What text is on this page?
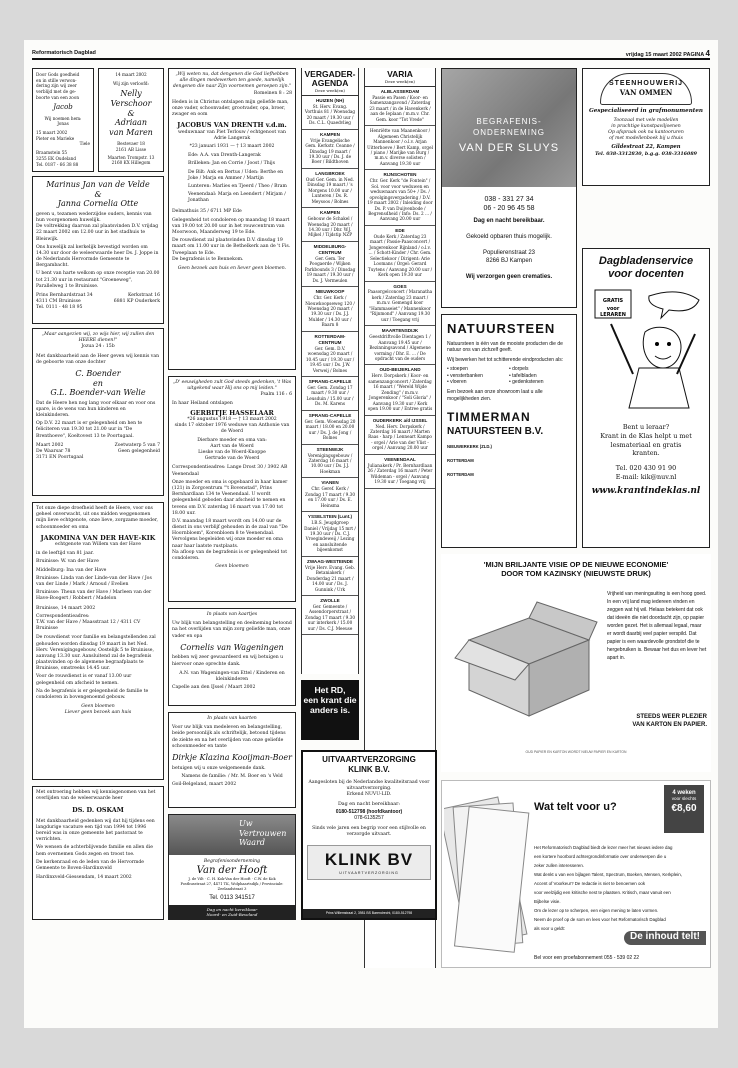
Reformatorisch Dagblad	vrijdag 15 maart 2002 PAGINA 4
Door Gods goedheid
en in stille verwon-
dering zijn wij zeer
verblijd met de ge-
boorte van een zoon
Jacob
Wij noemen hem:
Jonas
15 maart 2002
Pieter en Marieke
Tiele
Braamstein 55
3255 EK Oudeland
Tel. 0187 - 66 38 88
14 maart 2002
Wij zijn verloofd:
Nelly
Verschoor
&
Adriaan
van Maren
Bestevaer 18
2161 AB Lisse
Maarten Trompstr. 13
2160 KX Hillegom
Marinus Jan van de Velde
&
Janna Cornelia Otte

geven u, tezamen wederzijdse ouders, kennis van hun voorgenomen huwelijk.

De voltrekking daarvan zal plaatsvinden D.V. vrijdag 22 maart 2002 om 12.00 uur in het stadhuis te Bleiswijk.

Ons huwelijk zal kerkelijk bevestigd worden om 14.30 uur door de weleerwaarde heer Ds. J. Joppe in de Nederlands Hervormde Gemeente te Bergambacht.

U bent van harte welkom op onze receptie van 20.00 tot 21.30 uur in restaurant "Groeneweg", Parallelweg 1 te Bruinisse.

Prins Bernhardstraat 34
4311 CM Bruinisse
Tel. 0111 - 48 18 95
Kerkstraat 16
6881 KP Ouderkerk
„Maar aangezien wij, zo wijs hier, wij zullen den HEERE dienen!"
Jozua 24 : 15b

Met dankbaarheid aan de Heer geven wij kennis van de geboorte van onze dochter

C. Boender
en
G.L. Boender-van Welie

Dat de Heere hen nog lang voor elkaar en voor ons spare, is de wens van hun kinderen en kleinkinderen.

Op D.V. 22 maart is er gelegenheid om hen te feliciteren van 19.30 tot 21.00 uur in "De Brenthoeve", Koeltovest 13 te Poortugaal.

Maart 2002
De Waarsar 78
3171 EN Poortugaal
Zoetwaterp 5 van 7
Geen gelegenheid

Tot onze diepe droefheid heeft de Heere, voor ons geheel onverwacht, uit ons midden weggenomen mijn lieve echtgenote, onze lieve, zorgzame moeder, schoonmoeder en oma

JAKOMINA VAN DER HAVE-KIK
echtgenote van Willem van der Have

in de leeftijd van 81 jaar.

Bruinisse: W. van der Have

Middelburg: Ina van der Have

Bruinisse: Linda van der Linde-van der Have / Jos van der Linde / Mark / Arnoud / Evelien

Bruinisse: Theun van der Have / Marleen van der Have-Boogert / Robbert / Madelon

Bruinisse, 14 maart 2002

Correspondentieadres:

T.W. van der Have / Maasstraat 12 / 4311 CV Bruinisse

De rouwdienst voor familie en belangstellenden zal gehouden worden dinsdag 19 maart in het Ned. Herv. Verenigingsgebouw, Oostelijk 5 te Bruinisse, aanvang 13.30 uur. Aansluitend zal de begrafenis plaatsvinden op de algemene begraafplaats te Bruinisse, omstreeks 14.45 uur.

Voor de rouwdienst is er vanaf 13.00 uur gelegenheid om afscheid te nemen.

Na de begrafenis is er gelegenheid de familie te condoleren in bovengenoemd gebouw.

Geen bloemen
Liever geen bezoek aan huis

Met ontroering hebben wij kennisgenomen van het overlijden van de weleerwaarde heer

DS. D. OSKAM

Met dankbaarheid gedenken wij dat hij tijdens een langdurige vacature een tijd van 1994 tot 1996 bereid was in onze gemeente het pastoraat te verrichten.

We wensen de achterblijvende familie en allen die hem overnemen Gods zegen en troost toe.

De kerkenraad en de leden van de Hervormde Gemeente te Boven-Hardinxveld

Hardinxveld-Giessendam, 14 maart 2002

„Wij weten nu, dat dengenen die God liefhebben alle dingen medewerken ten goede, namelijk dengenen die naar Zijn voornemen geroepen zijn."
Romeinen 8 : 28

Heden is in Christus ontslapen mijn geliefde man, onze vader, schoonvader, grootvader, opa, broer, zwager en oom

JACOBUS VAN DRENTH v.d.m.
weduwnaar van Piet Terlouw / echtgenoot van Adrie Langerak
*23 januari 1931 — † 13 maart 2002

Ede: A.A. van Drenth-Langerak

Brilleken: Jan en Corrie / Joost / Thijs

De Bilt: Ank en Bertus / Uden: Berthe en Joke / Marja en Ammer / Martijn

Lunteren: Marlies en Tjeerd / Theo / Bram

Veenendaal: Marja en Leendert / Mirjam / Jonathan

Delmathuis 35 / 6711 MP Ede

Gelegenheid tot condoleren op maandag 18 maart van 19.00 tot 20.00 uur in het rouwcentrum van Moorwoon, Maanderweg 19 te Ede.

De rouwdienst zal plaatsvinden D.V. dinsdag 19 maart om 11.00 uur in de Bethelkerk aan de 't Fis. Tweeplaan te Ede.

De begrafenis is te Bennekom.

Geen bezoek aan huis en liever geen bloemen.
„D' eeuwigheden zult God steeds gedenken, 't Was uitgekend waar Hij ons op mij leiden."
Psalm 116 : 6

In haar Heiland ontslapen

GERBITJE HASSELAAR
*26 augustus 1918 — † 13 maart 2002
sinds 17 oktober 1976 weduwe van Anthonie van de Woerd
Dierbare moeder en oma van:
Aart van de Woerd
Lieske van de Woerd-Knoppe
Gertrude van de Woerd

Correspondentieadres: Lange Drost 30 / 3902 AB Veenendaal

Onze moeder en oma is opgebaard in haar kamer (121) in Zorgcentrum "'t Bovenstad", Prins Bernhardlaan 134 te Veenendaal. U wordt gelegenheid geboden daar afscheid te nemen en tevens om D.V. zaterdag 16 maart van 17.00 tot 18.00 uur.

D.V. maandag 18 maart wordt om 14.00 uur de dienst in ons verblijf gehouden in de zaal van "De Hoornbloem", Korenbloem 8 te Veenendaal.

Vervolgens begeleiden wij onze moeder en oma naar haar laatste rustplaats.

Na afloop van de begrafenis is er gelegenheid tot condoleren.

Geen bloemen
In plaats van kaartjes

Uw blijk van belangstelling en deelneming betoond na het overlijden van mijn zorg geliefde man, onze vader en opa

Cornelis van Wageningen

hebben wij zeer gewaardeerd en wij betuigen u hiervoor onze oprechte dank.

A.N. van Wageningen-van Ettel / Kinderen en kleinkinderen

Capelle aan den IJssel / Maart 2002

In plaats van kaarten

Voor uw blijk van medeleven en belangstelling, beide persoonlijk als schriftelijk, betoond tijdens de ziekte en na het overlijden van onze geliefde schoonmoeder en tante

Dirkje Klazina Kooijman-Boer

betuigen wij u onze welgemeende dank.

Namens de familie: / Mr. M. Boer en 's Veld

Goil-Belgeland, maart 2002

Uw
Vertrouwen
Waard
Begrafenisonderneming
Van der Hooft
J. de Vilt · C. H. Kok-Van der Hooft · C.W. de Kok
Postbusstraat 27, 4471 TK, Wolphaartsdijk / Provinciale: Zeelandstraat 3
Tel. 0113 341517
Dag en nacht bereikbaar
Noord- en Zuid-Beveland
VERGADER-AGENDA
Deze week(en)
HUIZEN (NH)
St. Herv. Evang. Vorthuis 81 / Woensdag 20 maart / 19.30 uur / Ds. C.L. Quaedvlieg
KAMPEN
Vrije Evangelische Gem. Kerkstr. Ceanne / Dinsdag 19 maart / 19.30 uur / Ds. J. de Boer / Bildthoven
LANGBROEK
Oud Ger. Gem. in Ned. Dinsdag 19 maart / 's Morgens 10.00 uur / Lunteren / Ds. R. Meysoos / Bolnes
KAMPEN
Gebouw de Schakel / Woensdag 20 maart / 14.30 uur / Dhr. W.J. Mijkel / Tijdstip NZP
MIDDELBURG-CENTRUM
Ger. Gem. Ter Poogaerde / Wijken Parkbounds 3 / Dinsdag 19 maart / 19.30 uur / Ds. J. Vermeulen
NIEUWKOOP
Chr. Ger. Kerk / Nieuwkoopseweg 120 / Woensdag 20 maart / 19.30 uur / Ds. J.J. Mulder / 14.30 uur / Baarn 8
ROTTERDAM-CENTRUM
Ger. Gem. D.V. woensdag 20 maart / 10.45 uur / 19.30 uur / 19.45 uur / Ds. J.W. Verweij / Bolnes
SPRANG-CAPELLE
Ger. Gem. Zondag 17 maart / 9.30 uur / Leusduin / 15.00 uur / Ds. M. Karens
SPRANG-CAPELLE
Ger. Gem. Woensdag 20 maart / 18.00 en 20.00 uur / Ds. J. de Jong / Bolnes
STEENWIJK
Verenigingsgebouw / Zaterdag 16 maart / 10.00 uur / Ds. J.J. Hoekman
VIANEN
Chr. Geref. Kerk / Zondag 17 maart / 9.30 en 17.00 uur / Ds. E. Heinsma
YSSELSTEIN (Lunt.)
I.B.S. Jeugdgroep Daniel / Vrijdag 15 mrt / 19.30 uur / Ds. C.J. Vroegindeweij / Lezing en aansluitende bijeenkomst
ZWAAG-WESTEINDE
Vrije Herv. Evang. Geb. Betaniakerk / Donderdag 21 maart / 14.00 uur / Ds. J. Gunnink / Urk
ZWOLLE
Ger. Gemeente / Assendorperstraat / Zondag 17 maart / 9.30 uur interkerk / 15.00 uur / Ds. C.J. Meeuse
VARIA
Deze week(en)
ALBLASSERDAM
Passie en Pasen / Koor- en Samenzangavond / Zaterdag 23 maart / in de Havenkerk / aan de Ieplaan / m.m.v. Chr. Gem. koor "Tot Vrede"
Henriëtte van Maanenkoor / Algemeen Christelijk Mannenkoor / o.l.v. Arjan Uitterhoeve / Bert Kamp, orgel / piano / Marijke van Burg / m.m.v. diverse solisten / Aanvang 19.30 uur
RIJNSCHOTEN
Chr. Ger. Kerk "de Fontein" / Sol. voor voor weduwen en weduwnaars van 50+ / Ds. / opvolgingsvergadering / D.V. 19 maart 2002 / Inleiding door Ds. P. van Duijvenbode / Begrensdheid / Info: Ds. 2 ... / Aanvang 20.00 uur
EDE
Oude Kerk / Zaterdag 23 maart / Passie-Paasconcert / Jongerenkoor Rijnland / o.l.v. ... / Schott-Kinder / Chr. Gem. Selectiekoor / Dirigent: Arie Loomans / Orgel: Gerard Tuytens / Aanvang 20.00 uur / Kerk open 19.30 uur
GOES
Paasorgelconcert / Maranatha kerk / Zaterdag 23 maart / m.m.v. Gemengd koor "Hammaseiet" / Mannenkoor "Rijnmond" / Aanvang 19.30 uur / Toegang vrij
MAARTENSDIJK
Geestdriftvolle Dientagen 1 / Aanvang 19.45 uur / Bezinningsavond / Algemene vorming / Dhr. E. ... / De opdracht van de ouders
OUD-BEIJERLAND
Herv. Dorpskerk / Koor- en samenzangconcert / Zaterdag 16 maart / "Wereld Wijde Zending" / m.m.v. Jongerenkoor / "Soli Gloria" / Aanvang 19.30 uur / Kerk open 19.00 uur / Entree gratis
OUDERKERK a/d IJSSEL
Ned. Herv. Dorpskerk / Zaterdag 16 maart / Marten Raas - harp / Lenneart Kampo - orgel / Arie van der Vlist - orgel / Aanvang 20.00 uur
VEENENDAAL
Julianakerk / Pr. Bernhardlaan 26 / Zaterdag 16 maart / Peter Wildeman - orgel / Aanvang 19.30 uur / Toegang vrij
Het RD,
een krant die
anders is.
UITVAARTVERZORGING
KLINK B.V.

Aangesloten bij de Nederlandse kwaliteitsraad voor uitvaartverzorging.

Erkend NUVU-LID.

Dag en nacht bereikbaar:

0180-512798 (hoofdkantoor)

078-6135257

Sinds vele jaren een begrip voor een stijlvolle en verzorgde uitvaart.

KLINK BV
UITVAARTVERZORGING
Prins Willemstraat 2, 3981 BS Barendrecht, 0180-512798
BEGRAFENIS-
ONDERNEMING
VAN DER SLUYS
038 - 331 27 34
06 - 20 96 45 58
Dag en nacht bereikbaar.
Gekoeld opbaren thuis mogelijk.
Populierenstraat 23
8266 BJ Kampen
Wij verzorgen geen crematies.
STEENHOUWERIJ
VAN OMMEN
Gespecialiseerd in grafmonumenten
Toonzaal met vele modellen
in prachtige kunstpaviljoenen
Op afspraak ook na kantooruren
of met modellenboek bij u thuis
Gildestraat 22, Kampen
Tel. 038-3312830, b.g.g. 038-3316089
Dagbladenservice voor docenten
GRATIS
voor
LERAREN
Bent u leraar?
Krant in de Klas helpt u met
lesmateriaal en gratis
kranten.
Tel. 020 430 91 90
E-mail: kik@nuv.nl
www.krantindeklas.nl
NATUURSTEEN

Natuursteen is één van de mooiste producten die de natuur ons van zichzelf geeft.

Wij bewerken het tot schitterende eindproducten als:

• stoepen	• dorpels
• vensterbanken	• tafelbladen
• vloeren	• gedenkstenen

Een bezoek aan onze showroom laat u alle mogelijkheden zien.

TIMMERMAN
NATUURSTEEN B.V.
NIEUWERKERK (ZLD.)
ROTTERDAM
ROTTERDAM
'MIJN BRILJANTE VISIE OP DE NIEUWE ECONOMIE'
DOOR TOM KAZINSKY (NIEUWSTE DRUK)

Vrijheid van meningsuiting is een hoog goed. In een vrij land mag iedereen vinden en zeggen wat hij wil. Helaas betekent dat ook dat ideeën die niet doordacht zijn, op papier worden gezet. Het is allemaal legaal, maar er wordt daarbij veel papier verspild. Dat papier is een waardevolle grondstof die te hergebruiken is. Bewaar het dus en lever het apart in.

STEEDS WEER PLEZIER
VAN KARTON EN PAPIER.
OUD PAPIER EN KARTON WORDT NIEUW PAPIER EN KARTON
Wat telt voor u?
4 weken
voor slechts
€8,60
Het Reformatorisch Dagblad biedt de lezer meer het nieuws iedere dag
een kortere hoorbord achtergrondinformatie over onderwerpen die u
zeker zullen interesseren.
Wat denkt u van een bijlagen Talent, Spectrum, Boeken, Mensen, Kerkplein,
Accent of Voorkeur? De redactie is niet te benoemen ook
voor veelzijdig een kritische nest te plaatsen. Kritisch, maar vanuit een
Bijbelse visie.
Om de lezer op te scherpen, een eigen mening te laten vormen.
Neem de proef op de som en lees voor het Reformatorisch Dagblad
als voor u geldt:
De inhoud telt!
Bel voor een proefabonnement 055 - 539 02 22
